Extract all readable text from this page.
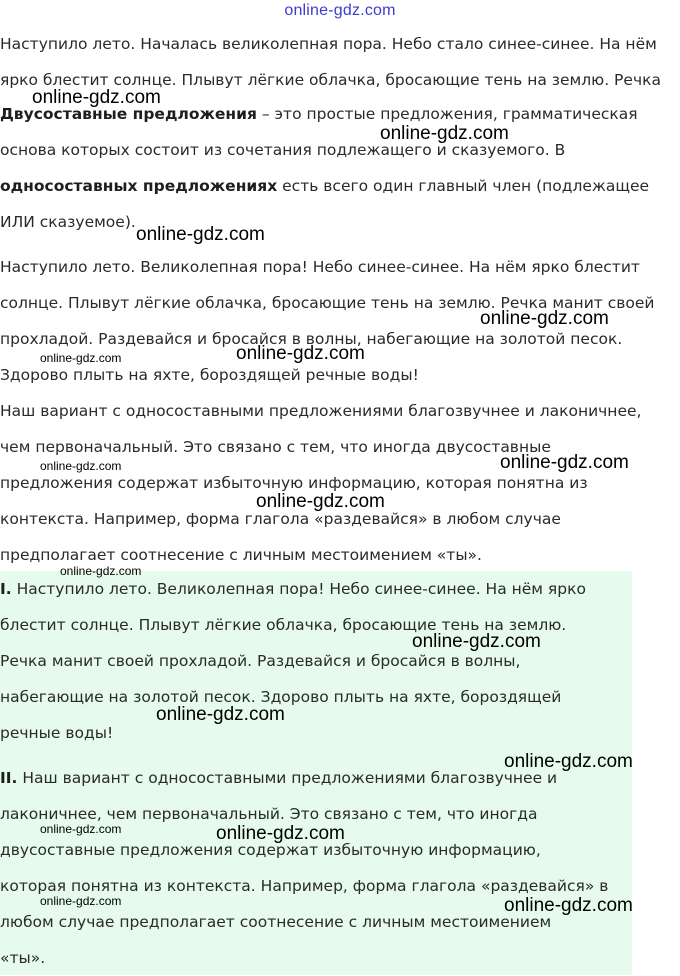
online-gdz.com
Наступило лето. Началась великолепная пора. Небо стало синее-синее. На нём
ярко блестит солнце. Плывут лёгкие облачка, бросающие тень на землю. Речка
Двусоставные предложения – это простые предложения, грамматическая
основа которых состоит из сочетания подлежащего и сказуемого. В
односоставных предложениях есть всего один главный член (подлежащее
ИЛИ сказуемое).
Наступило лето. Великолепная пора! Небо синее-синее. На нём ярко блестит
солнце. Плывут лёгкие облачка, бросающие тень на землю. Речка манит своей
прохладой. Раздевайся и бросайся в волны, набегающие на золотой песок.
Здорово плыть на яхте, бороздящей речные воды!
Наш вариант с односоставными предложениями благозвучнее и лаконичнее,
чем первоначальный. Это связано с тем, что иногда двусоставные
предложения содержат избыточную информацию, которая понятна из
контекста. Например, форма глагола «раздевайся» в любом случае
предполагает соотнесение с личным местоимением «ты».
I. Наступило лето. Великолепная пора! Небо синее-синее. На нём ярко
блестит солнце. Плывут лёгкие облачка, бросающие тень на землю.
Речка манит своей прохладой. Раздевайся и бросайся в волны,
набегающие на золотой песок. Здорово плыть на яхте, бороздящей
речные воды!
II. Наш вариант с односоставными предложениями благозвучнее и
лаконичнее, чем первоначальный. Это связано с тем, что иногда
двусоставные предложения содержат избыточную информацию,
которая понятна из контекста. Например, форма глагола «раздевайся» в
любом случае предполагает соотнесение с личным местоимением
«ты».
online-gdz.com
online-gdz.com
online-gdz.com
online-gdz.com
online-gdz.com
online-gdz.com
online-gdz.com
online-gdz.com
online-gdz.com
online-gdz.com
online-gdz.com
online-gdz.com
online-gdz.com
online-gdz.com
online-gdz.com
online-gdz.com
online-gdz.com
